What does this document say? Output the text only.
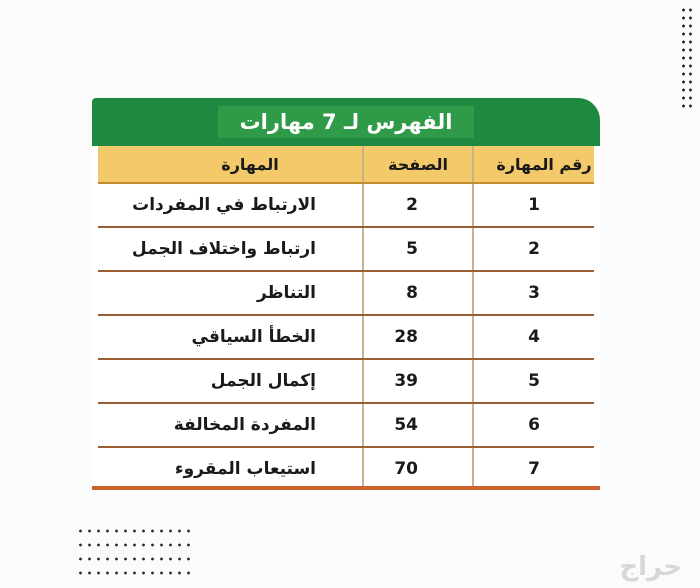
الفهرس لـ 7 مهارات
المهارة	الصفحة	رقم المهارة
الارتباط في المفردات	2	1
ارتباط واختلاف الجمل	5	2
التناظر	8	3
الخطأ السياقي	28	4
إكمال الجمل	39	5
المفردة المخالفة	54	6
استيعاب المقروء	70	7
حراج
